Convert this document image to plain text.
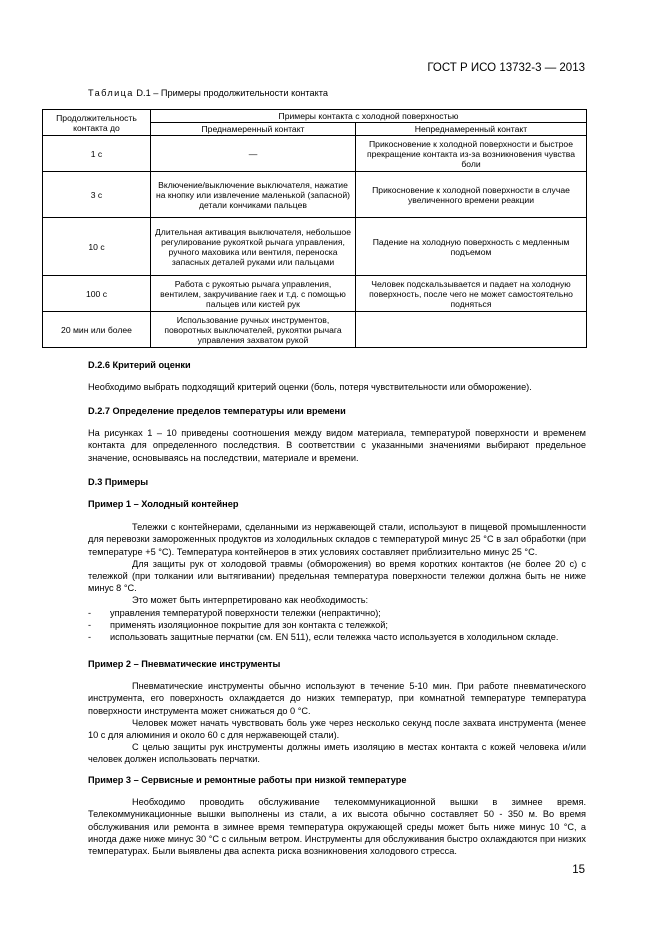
ГОСТ Р ИСО 13732-3 — 2013
Таблица D.1 – Примеры продолжительности контакта
Продолжительность контакта до	Примеры контакта с холодной поверхностью	
	Преднамеренный контакт	Непреднамеренный контакт
1 с	—	Прикосновение к холодной поверхности и быстрое прекращение контакта из-за возникновения чувства боли
3 с	Включение/выключение выключателя, нажатие на кнопку или извлечение маленькой (запасной) детали кончиками пальцев	Прикосновение к холодной поверхности в случае увеличенного времени реакции
10 с	Длительная активация выключателя, небольшое регулирование рукояткой рычага управления, ручного маховика или вентиля, переноска запасных деталей руками или пальцами	Падение на холодную поверхность с медленным подъемом
100 с	Работа с рукоятью рычага управления, вентилем, закручивание гаек и т.д. с помощью пальцев или кистей рук	Человек подскальзывается и падает на холодную поверхность, после чего не может самостоятельно подняться
20 мин или более	Использование ручных инструментов, поворотных выключателей, рукоятки рычага управления захватом рукой	

D.2.6 Критерий оценки

Необходимо выбрать подходящий критерий оценки (боль, потеря чувствительности или обморожение).

D.2.7 Определение пределов температуры или времени

На рисунках 1 – 10 приведены соотношения между видом материала, температурой поверхности и временем контакта для определенного последствия. В соответствии с указанными значениями выбирают предельное значение, основываясь на последствии, материале и времени.

D.3 Примеры

Пример 1 – Холодный контейнер

Тележки с контейнерами, сделанными из нержавеющей стали, используют в пищевой промышленности для перевозки замороженных продуктов из холодильных складов с температурой минус 25 °С в зал обработки (при температуре +5 °С). Температура контейнеров в этих условиях составляет приблизительно минус 25 °С.

Для защиты рук от холодовой травмы (обморожения) во время коротких контактов (не более 20 с) с тележкой (при толкании или вытягивании) предельная температура поверхности тележки должна быть не ниже минус 8 °С.

Это может быть интерпретировано как необходимость:

- управления температурой поверхности тележки (непрактично);

- применять изоляционное покрытие для зон контакта с тележкой;

- использовать защитные перчатки (см. EN 511), если тележка часто используется в холодильном складе.

Пример 2 – Пневматические инструменты

Пневматические инструменты обычно используют в течение 5-10 мин. При работе пневматического инструмента, его поверхность охлаждается до низких температур, при комнатной температуре температура поверхности инструмента может снижаться до 0 °С.

Человек может начать чувствовать боль уже через несколько секунд после захвата инструмента (менее 10 с для алюминия и около 60 с для нержавеющей стали).

С целью защиты рук инструменты должны иметь изоляцию в местах контакта с кожей человека и/или человек должен использовать перчатки.

Пример 3 – Сервисные и ремонтные работы при низкой температуре

Необходимо проводить обслуживание телекоммуникационной вышки в зимнее время. Телекоммуникационные вышки выполнены из стали, а их высота обычно составляет 50 - 350 м. Во время обслуживания или ремонта в зимнее время температура окружающей среды может быть ниже минус 10 °С, а иногда даже ниже минус 30 °С с сильным ветром. Инструменты для обслуживания быстро охлаждаются при низких температурах. Были выявлены два аспекта риска возникновения холодового стресса.

15
